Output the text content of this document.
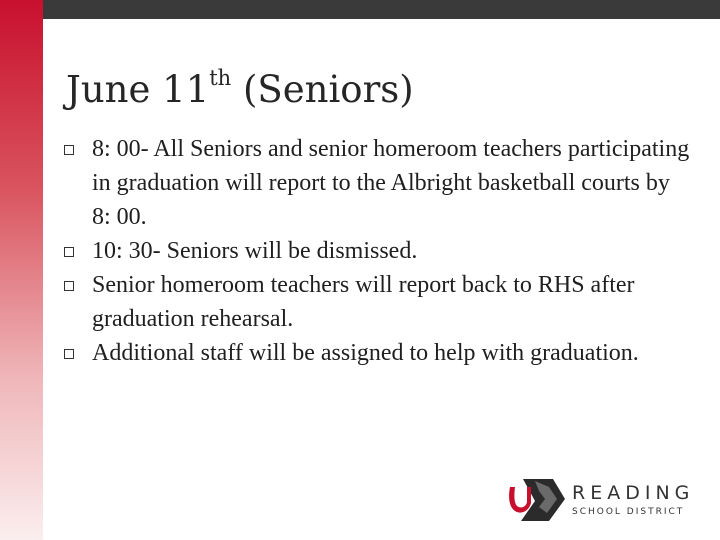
June 11th (Seniors)
8: 00- All Seniors and senior homeroom teachers participating in graduation will report to the Albright basketball courts by 8: 00.
10: 30- Seniors will be dismissed.
Senior homeroom teachers will report back to RHS after graduation rehearsal.
Additional staff will be assigned to help with graduation.
READING
SCHOOL DISTRICT
